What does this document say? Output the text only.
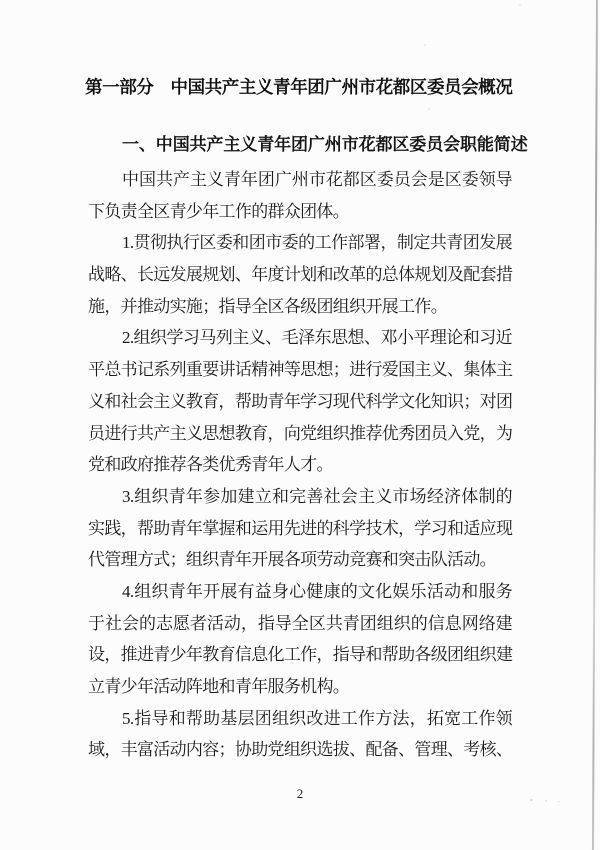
第一部分　中国共产主义青年团广州市花都区委员会概况
一、中国共产主义青年团广州市花都区委员会职能简述
中国共产主义青年团广州市花都区委员会是区委领导
下负责全区青少年工作的群众团体。
1.贯彻执行区委和团市委的工作部署，制定共青团发展
战略、长远发展规划、年度计划和改革的总体规划及配套措
施，并推动实施；指导全区各级团组织开展工作。
2.组织学习马列主义、毛泽东思想、邓小平理论和习近
平总书记系列重要讲话精神等思想；进行爱国主义、集体主
义和社会主义教育，帮助青年学习现代科学文化知识；对团
员进行共产主义思想教育，向党组织推荐优秀团员入党，为
党和政府推荐各类优秀青年人才。
3.组织青年参加建立和完善社会主义市场经济体制的
实践，帮助青年掌握和运用先进的科学技术，学习和适应现
代管理方式；组织青年开展各项劳动竞赛和突击队活动。
4.组织青年开展有益身心健康的文化娱乐活动和服务
于社会的志愿者活动，指导全区共青团组织的信息网络建
设，推进青少年教育信息化工作，指导和帮助各级团组织建
立青少年活动阵地和青年服务机构。
5.指导和帮助基层团组织改进工作方法，拓宽工作领
域，丰富活动内容；协助党组织选拔、配备、管理、考核、
2
